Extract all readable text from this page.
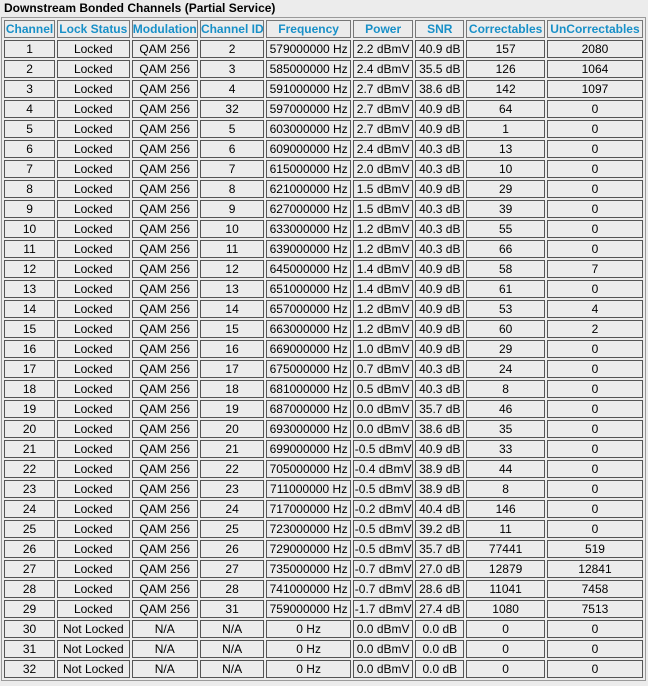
Downstream Bonded Channels (Partial Service)
Channel	Lock Status	Modulation	Channel ID	Frequency	Power	SNR	Correctables	UnCorrectables
1	Locked	QAM 256	2	579000000 Hz	2.2 dBmV	40.9 dB	157	2080
2	Locked	QAM 256	3	585000000 Hz	2.4 dBmV	35.5 dB	126	1064
3	Locked	QAM 256	4	591000000 Hz	2.7 dBmV	38.6 dB	142	1097
4	Locked	QAM 256	32	597000000 Hz	2.7 dBmV	40.9 dB	64	0
5	Locked	QAM 256	5	603000000 Hz	2.7 dBmV	40.9 dB	1	0
6	Locked	QAM 256	6	609000000 Hz	2.4 dBmV	40.3 dB	13	0
7	Locked	QAM 256	7	615000000 Hz	2.0 dBmV	40.3 dB	10	0
8	Locked	QAM 256	8	621000000 Hz	1.5 dBmV	40.9 dB	29	0
9	Locked	QAM 256	9	627000000 Hz	1.5 dBmV	40.3 dB	39	0
10	Locked	QAM 256	10	633000000 Hz	1.2 dBmV	40.3 dB	55	0
11	Locked	QAM 256	11	639000000 Hz	1.2 dBmV	40.3 dB	66	0
12	Locked	QAM 256	12	645000000 Hz	1.4 dBmV	40.9 dB	58	7
13	Locked	QAM 256	13	651000000 Hz	1.4 dBmV	40.9 dB	61	0
14	Locked	QAM 256	14	657000000 Hz	1.2 dBmV	40.9 dB	53	4
15	Locked	QAM 256	15	663000000 Hz	1.2 dBmV	40.9 dB	60	2
16	Locked	QAM 256	16	669000000 Hz	1.0 dBmV	40.9 dB	29	0
17	Locked	QAM 256	17	675000000 Hz	0.7 dBmV	40.3 dB	24	0
18	Locked	QAM 256	18	681000000 Hz	0.5 dBmV	40.3 dB	8	0
19	Locked	QAM 256	19	687000000 Hz	0.0 dBmV	35.7 dB	46	0
20	Locked	QAM 256	20	693000000 Hz	0.0 dBmV	38.6 dB	35	0
21	Locked	QAM 256	21	699000000 Hz	-0.5 dBmV	40.9 dB	33	0
22	Locked	QAM 256	22	705000000 Hz	-0.4 dBmV	38.9 dB	44	0
23	Locked	QAM 256	23	711000000 Hz	-0.5 dBmV	38.9 dB	8	0
24	Locked	QAM 256	24	717000000 Hz	-0.2 dBmV	40.4 dB	146	0
25	Locked	QAM 256	25	723000000 Hz	-0.5 dBmV	39.2 dB	11	0
26	Locked	QAM 256	26	729000000 Hz	-0.5 dBmV	35.7 dB	77441	519
27	Locked	QAM 256	27	735000000 Hz	-0.7 dBmV	27.0 dB	12879	12841
28	Locked	QAM 256	28	741000000 Hz	-0.7 dBmV	28.6 dB	11041	7458
29	Locked	QAM 256	31	759000000 Hz	-1.7 dBmV	27.4 dB	1080	7513
30	Not Locked	N/A	N/A	0 Hz	0.0 dBmV	0.0 dB	0	0
31	Not Locked	N/A	N/A	0 Hz	0.0 dBmV	0.0 dB	0	0
32	Not Locked	N/A	N/A	0 Hz	0.0 dBmV	0.0 dB	0	0
